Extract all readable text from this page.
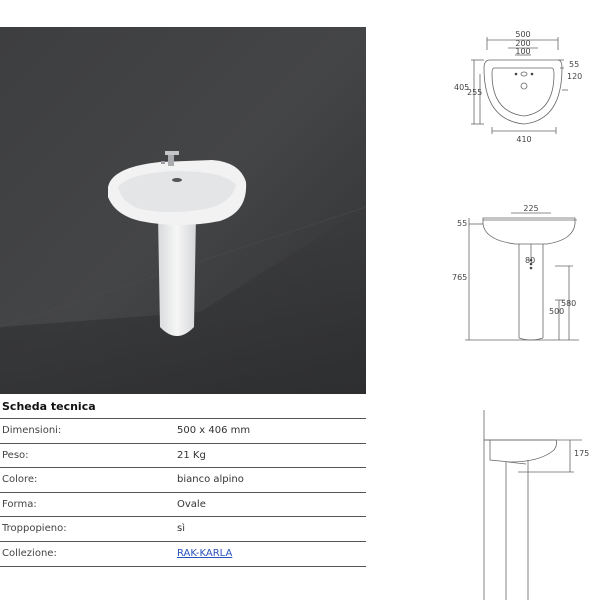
Scheda tecnica
Dimensioni:	500 x 406 mm
Peso:	21 Kg
Colore:	bianco alpino
Forma:	Ovale
Troppopieno:	sì
Collezione:	RAK-KARLA
500
200
100
55
120
405
255
410
225
55
80
765
580
500
175
